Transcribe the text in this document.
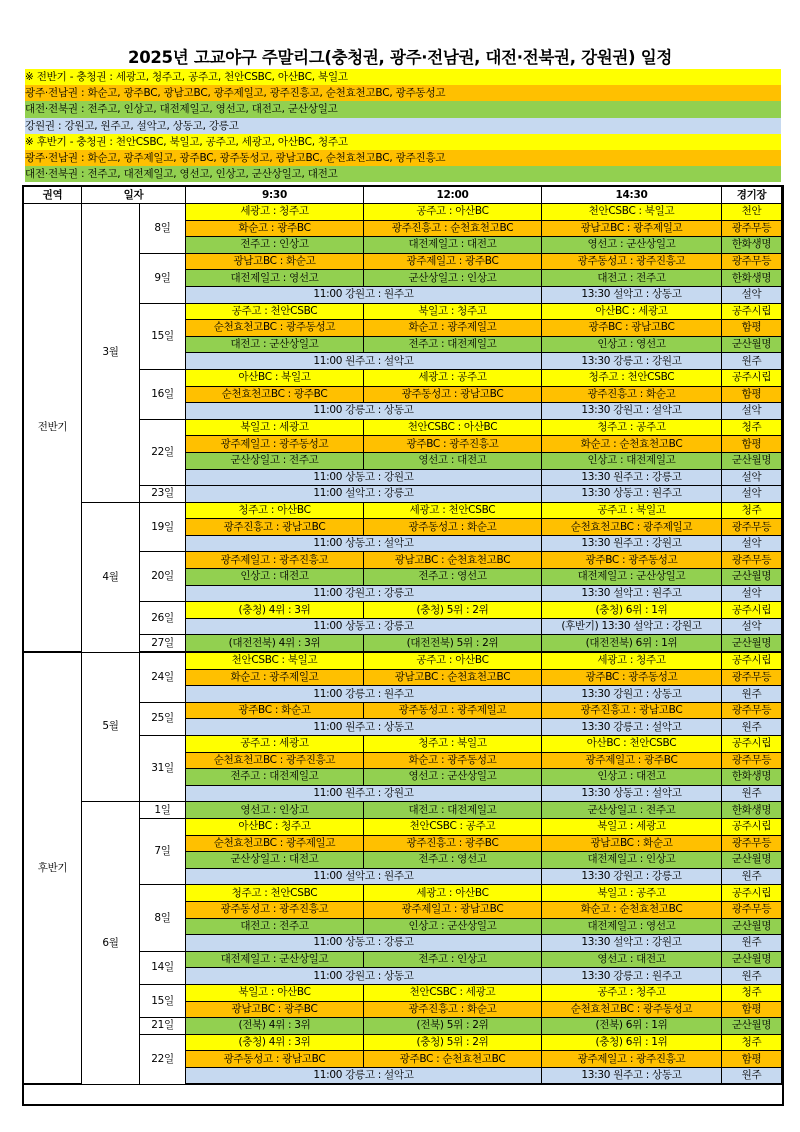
2025년 고교야구 주말리그(충청권, 광주·전남권, 대전·전북권, 강원권) 일정
※ 전반기 - 충청권 : 세광고, 청주고, 공주고, 천안CSBC, 아산BC, 북일고
광주·전남권 : 화순고, 광주BC, 광남고BC, 광주제일고, 광주진흥고, 순천효천고BC, 광주동성고
대전·전북권 : 전주고, 인상고, 대전제일고, 영선고, 대전고, 군산상일고
강원권 : 강원고, 원주고, 설악고, 상동고, 강릉고
※ 후반기 - 충청권 : 천안CSBC, 북일고, 공주고, 세광고, 아산BC, 청주고
광주·전남권 : 화순고, 광주제일고, 광주BC, 광주동성고, 광남고BC, 순천효천고BC, 광주진흥고
대전·전북권 : 전주고, 대전제일고, 영선고, 인상고, 군산상일고, 대전고
권역	일자		9:30	12:00	14:30	경기장
전반기	3월	8일	세광고 : 청주고	공주고 : 아산BC	천안CSBC : 북일고	천안
			화순고 : 광주BC	광주진흥고 : 순천효천고BC	광남고BC : 광주제일고	광주무등
			전주고 : 인상고	대전제일고 : 대전고	영선고 : 군산상일고	한화생명
		9일	광남고BC : 화순고	광주제일고 : 광주BC	광주동성고 : 광주진흥고	광주무등
			대전제일고 : 영선고	군산상일고 : 인상고	대전고 : 전주고	한화생명
			11:00 강원고 : 원주고		13:30 설악고 : 상동고	설악
		15일	공주고 : 천안CSBC	북일고 : 청주고	아산BC : 세광고	공주시립
			순천효천고BC : 광주동성고	화순고 : 광주제일고	광주BC : 광남고BC	함평
			대전고 : 군산상일고	전주고 : 대전제일고	인상고 : 영선고	군산월명
			11:00 원주고 : 설악고		13:30 강릉고 : 강원고	원주
		16일	아산BC : 북일고	세광고 : 공주고	청주고 : 천안CSBC	공주시립
			순천효천고BC : 광주BC	광주동성고 : 광남고BC	광주진흥고 : 화순고	함평
			11:00 강릉고 : 상동고		13:30 강원고 : 설악고	설악
		22일	북일고 : 세광고	천안CSBC : 아산BC	청주고 : 공주고	청주
			광주제일고 : 광주동성고	광주BC : 광주진흥고	화순고 : 순천효천고BC	함평
			군산상일고 : 전주고	영선고 : 대전고	인상고 : 대전제일고	군산월명
			11:00 상동고 : 강원고		13:30 원주고 : 강릉고	설악
		23일	11:00 설악고 : 강릉고		13:30 상동고 : 원주고	설악
	4월	19일	청주고 : 아산BC	세광고 : 천안CSBC	공주고 : 북일고	청주
			광주진흥고 : 광남고BC	광주동성고 : 화순고	순천효천고BC : 광주제일고	광주무등
			11:00 상동고 : 설악고		13:30 원주고 : 강원고	설악
		20일	광주제일고 : 광주진흥고	광남고BC : 순천효천고BC	광주BC : 광주동성고	광주무등
			인상고 : 대전고	전주고 : 영선고	대전제일고 : 군산상일고	군산월명
			11:00 강원고 : 강릉고		13:30 설악고 : 원주고	설악
		26일	(충청) 4위 : 3위	(충청) 5위 : 2위	(충청) 6위 : 1위	공주시립
			11:00 상동고 : 강릉고		(후반기) 13:30 설악고 : 강원고	설악
		27일	(대전전북) 4위 : 3위	(대전전북) 5위 : 2위	(대전전북) 6위 : 1위	군산월명
후반기	5월	24일	천안CSBC : 북일고	공주고 : 아산BC	세광고 : 청주고	공주시립
			화순고 : 광주제일고	광남고BC : 순천효천고BC	광주BC : 광주동성고	광주무등
			11:00 강릉고 : 원주고		13:30 강원고 : 상동고	원주
		25일	광주BC : 화순고	광주동성고 : 광주제일고	광주진흥고 : 광남고BC	광주무등
			11:00 원주고 : 상동고		13:30 강릉고 : 설악고	원주
		31일	공주고 : 세광고	청주고 : 북일고	아산BC : 천안CSBC	공주시립
			순천효천고BC : 광주진흥고	화순고 : 광주동성고	광주제일고 : 광주BC	광주무등
			전주고 : 대전제일고	영선고 : 군산상일고	인상고 : 대전고	한화생명
			11:00 원주고 : 강원고		13:30 상동고 : 설악고	원주
	6월	1일	영선고 : 인상고	대전고 : 대전제일고	군산상일고 : 전주고	한화생명
		7일	아산BC : 청주고	천안CSBC : 공주고	북일고 : 세광고	공주시립
			순천효천고BC : 광주제일고	광주진흥고 : 광주BC	광남고BC : 화순고	광주무등
			군산상일고 : 대전고	전주고 : 영선고	대전제일고 : 인상고	군산월명
			11:00 설악고 : 원주고		13:30 강원고 : 강릉고	원주
		8일	청주고 : 천안CSBC	세광고 : 아산BC	북일고 : 공주고	공주시립
			광주동성고 : 광주진흥고	광주제일고 : 광남고BC	화순고 : 순천효천고BC	광주무등
			대전고 : 전주고	인상고 : 군산상일고	대전제일고 : 영선고	군산월명
			11:00 상동고 : 강릉고		13:30 설악고 : 강원고	원주
		14일	대전제일고 : 군산상일고	전주고 : 인상고	영선고 : 대전고	군산월명
			11:00 강원고 : 상동고		13:30 강릉고 : 원주고	원주
		15일	북일고 : 아산BC	천안CSBC : 세광고	공주고 : 청주고	청주
			광남고BC : 광주BC	광주진흥고 : 화순고	순천효천고BC : 광주동성고	함평
		21일	(전북) 4위 : 3위	(전북) 5위 : 2위	(전북) 6위 : 1위	군산월명
		22일	(충청) 4위 : 3위	(충청) 5위 : 2위	(충청) 6위 : 1위	청주
			광주동성고 : 광남고BC	광주BC : 순천효천고BC	광주제일고 : 광주진흥고	함평
			11:00 강릉고 : 설악고		13:30 원주고 : 상동고	원주
